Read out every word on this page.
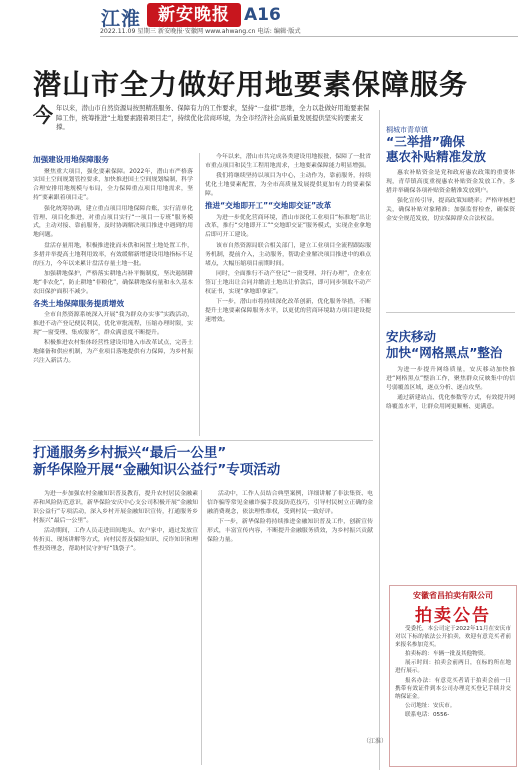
江淮 新安晚报 A16
2022.11.09 星期三 新安晚报·安徽网 www.ahwang.cn 电话: 编辑·版式
潜山市全力做好用地要素保障服务
今 年以来，潜山市自然资源局按照精准服务、保障有力的工作要求，坚持“一盘棋”思维，全力以赴做好用地要素保障工作，统筹推进“土地要素跟着项目走”，持续优化营商环境，为全市经济社会高质量发展提供坚实的要素支撑。
加强建设用地保障服务

聚焦重大项目，强化要素保障。2022年，潜山市严格落实国土空间规划管控要求，加快推进国土空间规划编制，科学合理安排用地规模与布局，全力保障重点项目用地需求，坚持“要素跟着项目走”。

强化统筹协调，建立重点项目用地保障台账，实行清单化管理、项目化推进，对重点项目实行“一项目一专班”服务模式，主动对接、靠前服务，及时协调解决项目推进中遇到的用地问题。

盘活存量用地，积极推进批而未供和闲置土地处置工作，多措并举提高土地利用效率，有效缓解新增建设用地指标不足的压力，今年以来累计盘活存量土地一批。

加强耕地保护，严格落实耕地占补平衡制度，坚决遏制耕地“非农化”，防止耕地“非粮化”，确保耕地保有量和永久基本农田保护面积不减少。

各类土地保障服务提质增效

全市自然资源系统深入开展“我为群众办实事”实践活动，推进不动产登记便民利民，优化审批流程，压缩办理时限，实现“一窗受理、集成服务”，群众满意度不断提升。

积极推进农村集体经营性建设用地入市改革试点，完善土地储备和供应机制，为产业项目落地提供有力保障，为乡村振兴注入新活力。

今年以来，潜山市共完成各类建设用地报批，保障了一批省市重点项目和民生工程用地需求，土地要素保障能力明显增强。

我们将继续坚持以项目为中心，主动作为，靠前服务，持续优化土地要素配置，为全市高质量发展提供更加有力的要素保障。

推进“交地即开工”“交地即交证”改革

为进一步优化营商环境，潜山市深化工业项目“标准地”出让改革，推行“交地即开工”“交地即交证”服务模式，实现企业拿地后即可开工建设。

该市自然资源局联合相关部门，建立工业项目全流程跟踪服务机制，提前介入，主动服务，帮助企业解决项目推进中的难点堵点，大幅压缩项目前期时间。

同时，全面推行不动产登记“一窗受理、并行办理”，企业在签订土地出让合同并缴清土地出让价款后，即可同步领取不动产权证书，实现“拿地即拿证”。

下一步，潜山市将持续深化改革创新，优化服务举措，不断提升土地要素保障服务水平，以更优的营商环境助力项目建设提速增效。

桐城市青草镇
“三举措”确保
惠农补贴精准发放

惠农补贴资金是党和政府惠农政策的重要体现，青草镇高度重视惠农补贴资金发放工作，多措并举确保各项补贴资金精准发放到户。

强化宣传引导，提高政策知晓率；严格审核把关，确保补贴对象精准；加强监督检查，确保资金安全规范发放，切实保障群众合法权益。

安庆移动
加快“网格黑点”整治

为进一步提升网络质量，安庆移动加快推进“网格黑点”整治工作，聚焦群众反映集中的信号弱覆盖区域，逐点分析、逐点攻坚。

通过新建站点、优化参数等方式，有效提升网络覆盖水平，让群众用网更顺畅、更满意。

打通服务乡村振兴“最后一公里”
新华保险开展“金融知识公益行”专项活动

为进一步加强农村金融知识普及教育，提升农村居民金融素养和风险防范意识，新华保险安庆中心支公司积极开展“金融知识公益行”专项活动，深入乡村开展金融知识宣传，打通服务乡村振兴“最后一公里”。

活动期间，工作人员走进田间地头、农户家中，通过发放宣传折页、现场讲解等方式，向村民普及保险知识、反诈知识和理性投资理念，帮助村民守护好“钱袋子”。

活动中，工作人员结合典型案例，详细讲解了非法集资、电信诈骗等常见金融诈骗手段及防范技巧，引导村民树立正确的金融消费观念，依法理性维权，受到村民一致好评。

下一步，新华保险将持续推进金融知识普及工作，创新宣传形式，丰富宣传内容，不断提升金融服务质效，为乡村振兴贡献保险力量。

（江淮）
安徽省昌拍卖有限公司
拍卖公告

受委托，本公司定于2022年11月在安庆市对以下标的依法公开拍卖，欢迎有意竞买者前来报名参加竞买。

拍卖标的：车辆一批及其他物资。

展示时间：拍卖会前两日，在标的所在地进行展示。

报名办法：有意竞买者请于拍卖会前一日携带有效证件到本公司办理竞买登记手续并交纳保证金。

公司地址：安庆市。

联系电话：0556-
